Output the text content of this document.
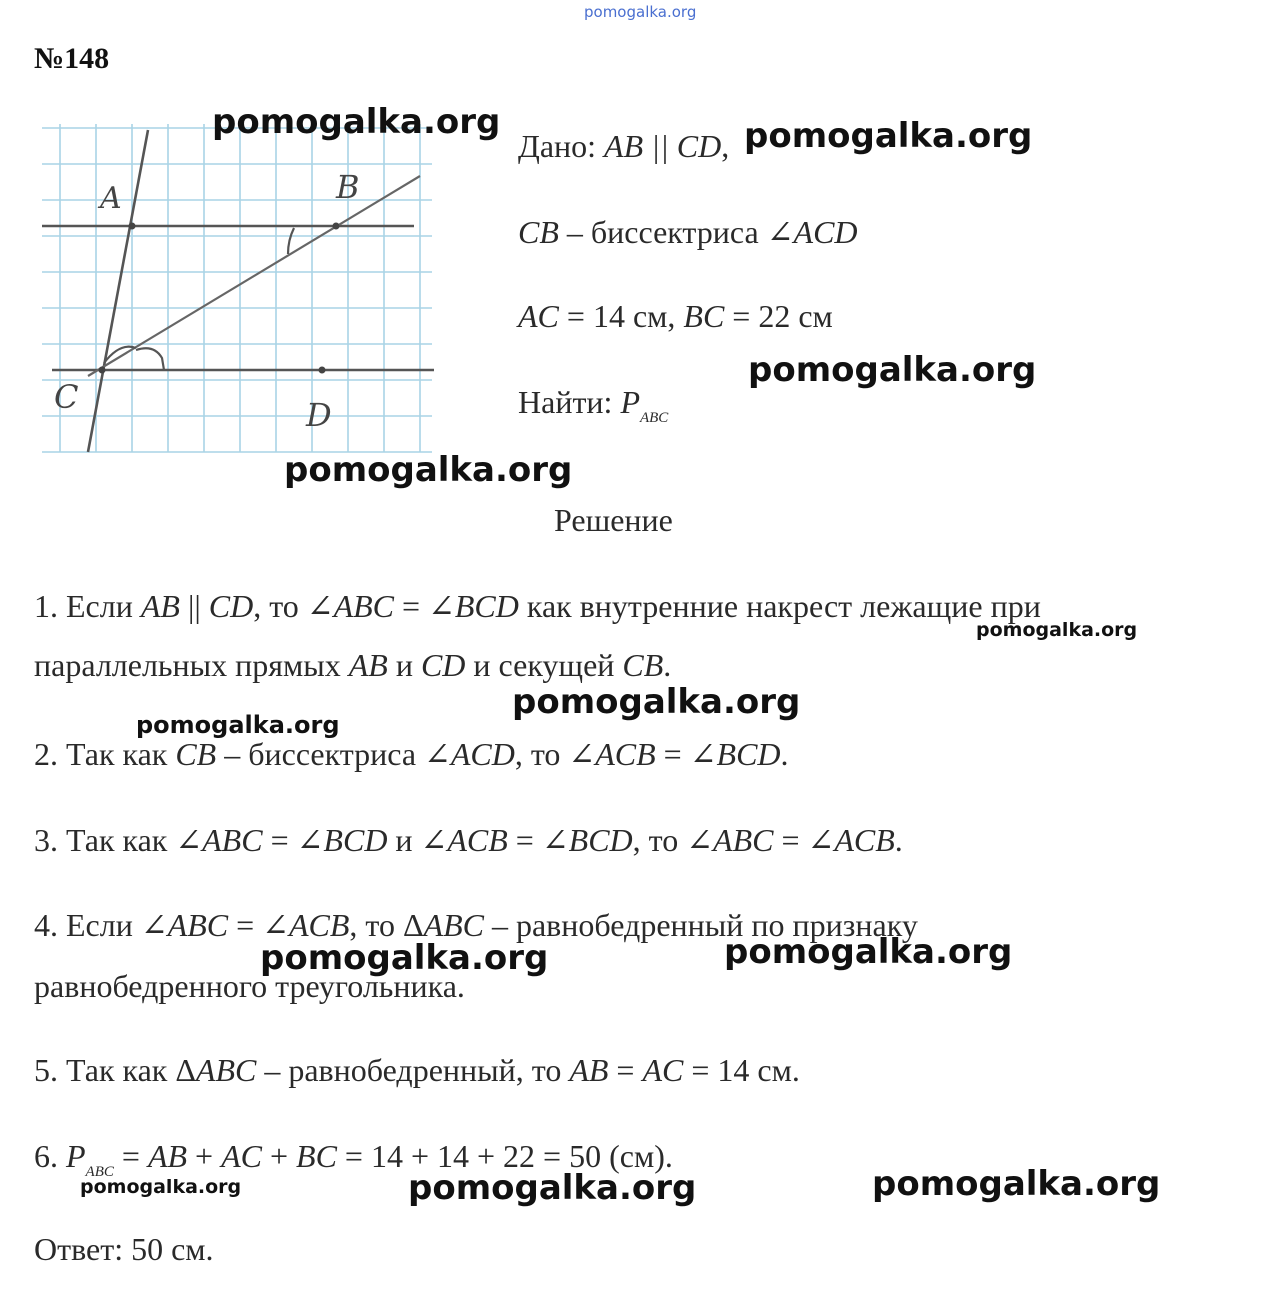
pomogalka.org
№148
A	B
C	D
pomogalka.org	pomogalka.org
pomogalka.org
pomogalka.org
pomogalka.org
pomogalka.org
pomogalka.org
pomogalka.org	pomogalka.org
pomogalka.org	pomogalka.org	pomogalka.org
Дано: AB || CD,
CB – биссектриса ∠ACD
AC = 14 см, BC = 22 см
Найти: $P_{ABC}$
Решение
1. Если AB || CD, то ∠ABC = ∠BCD как внутренние накрест лежащие при
параллельных прямых AB и CD и секущей CB.
2. Так как CB – биссектриса ∠ACD, то ∠ACB = ∠BCD.
3. Так как ∠ABC = ∠BCD и ∠ACB = ∠BCD, то ∠ABC = ∠ACB.
4. Если ∠ABC = ∠ACB, то ΔABC – равнобедренный по признаку
равнобедренного треугольника.
5. Так как ΔABC – равнобедренный, то AB = AC = 14 см.
6. $P_{ABC}$ = AB + AC + BC = 14 + 14 + 22 = 50 (см).
Ответ: 50 см.
